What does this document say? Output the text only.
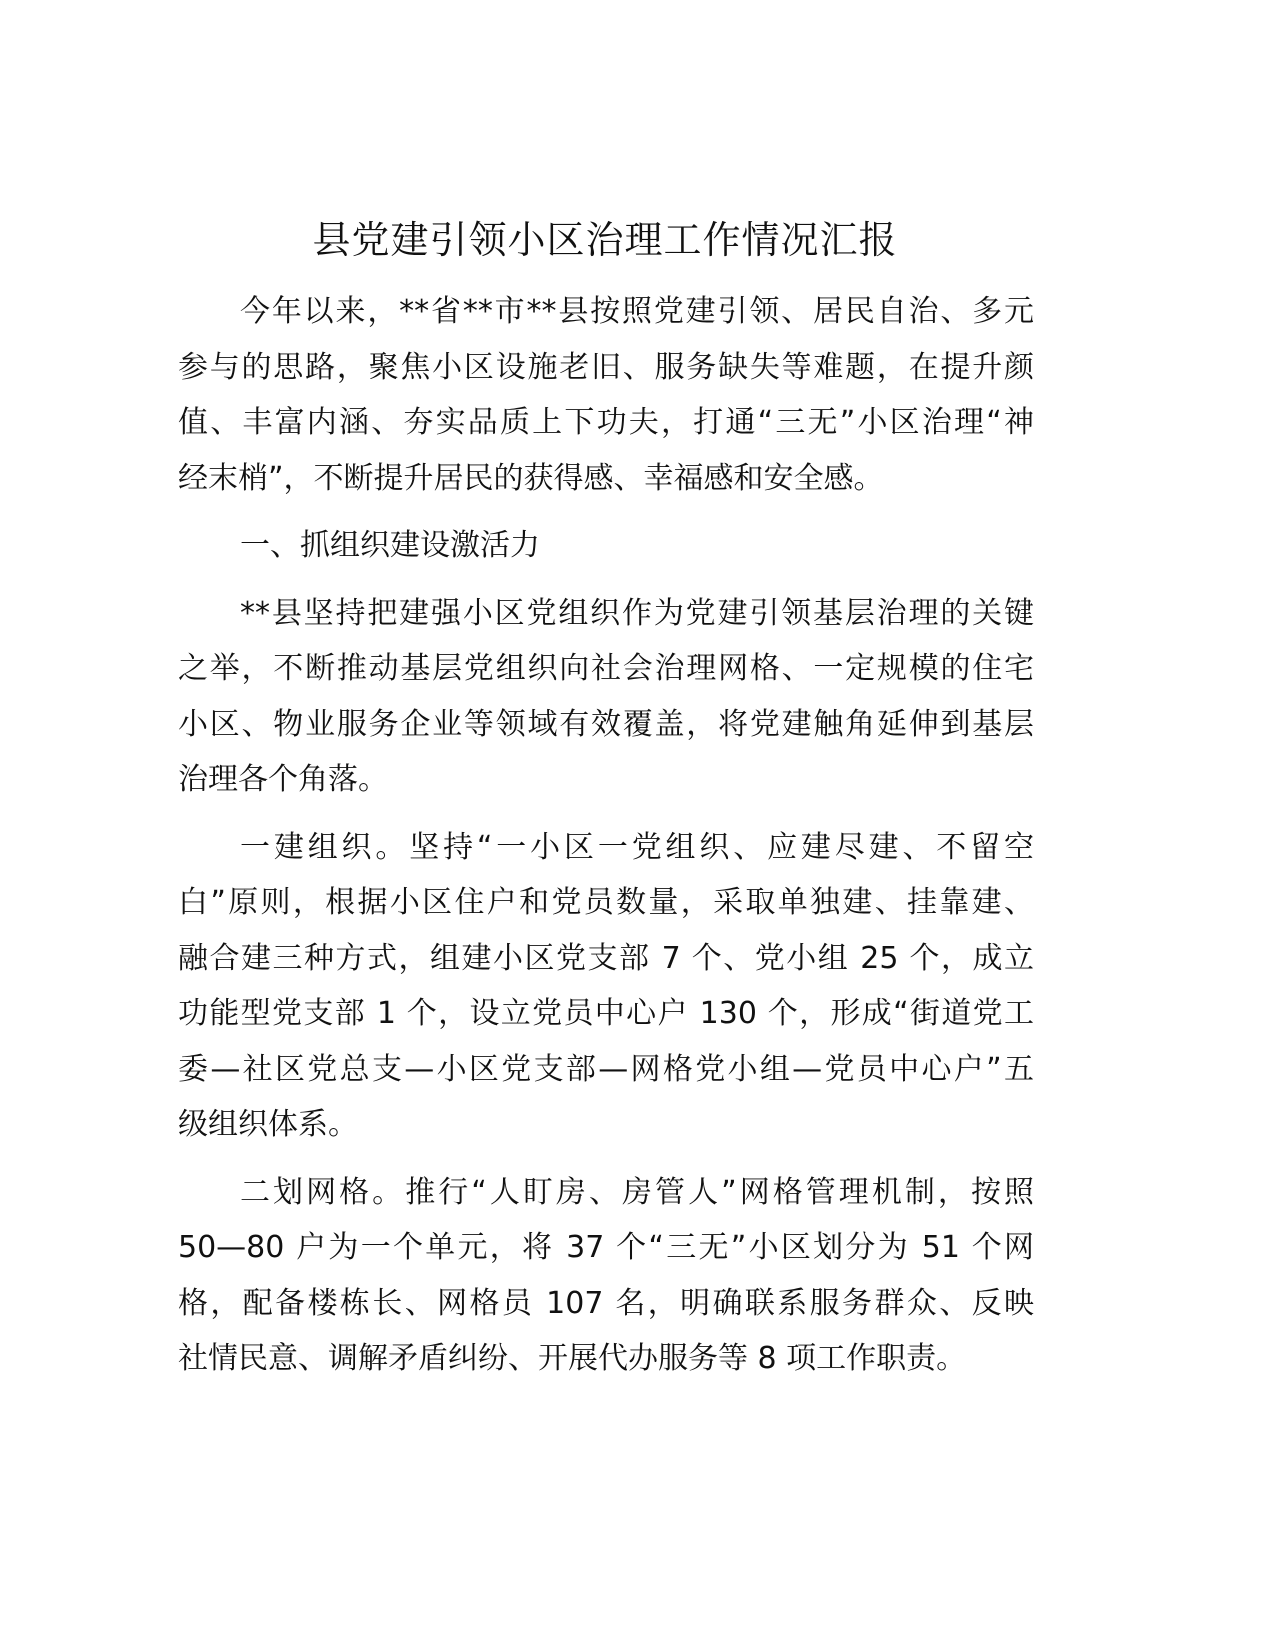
县党建引领小区治理工作情况汇报
今年以来，**省**市**县按照党建引领、居民自治、多元
参与的思路，聚焦小区设施老旧、服务缺失等难题，在提升颜
值、丰富内涵、夯实品质上下功夫，打通“三无”小区治理“神
经末梢”，不断提升居民的获得感、幸福感和安全感。
一、抓组织建设激活力
**县坚持把建强小区党组织作为党建引领基层治理的关键
之举，不断推动基层党组织向社会治理网格、一定规模的住宅
小区、物业服务企业等领域有效覆盖，将党建触角延伸到基层
治理各个角落。
一建组织。坚持“一小区一党组织、应建尽建、不留空
白”原则，根据小区住户和党员数量，采取单独建、挂靠建、
融合建三种方式，组建小区党支部 7 个、党小组 25 个，成立
功能型党支部 1 个，设立党员中心户 130 个，形成“街道党工
委—社区党总支—小区党支部—网格党小组—党员中心户”五
级组织体系。
二划网格。推行“人盯房、房管人”网格管理机制，按照
50—80 户为一个单元，将 37 个“三无”小区划分为 51 个网
格，配备楼栋长、网格员 107 名，明确联系服务群众、反映
社情民意、调解矛盾纠纷、开展代办服务等 8 项工作职责。
